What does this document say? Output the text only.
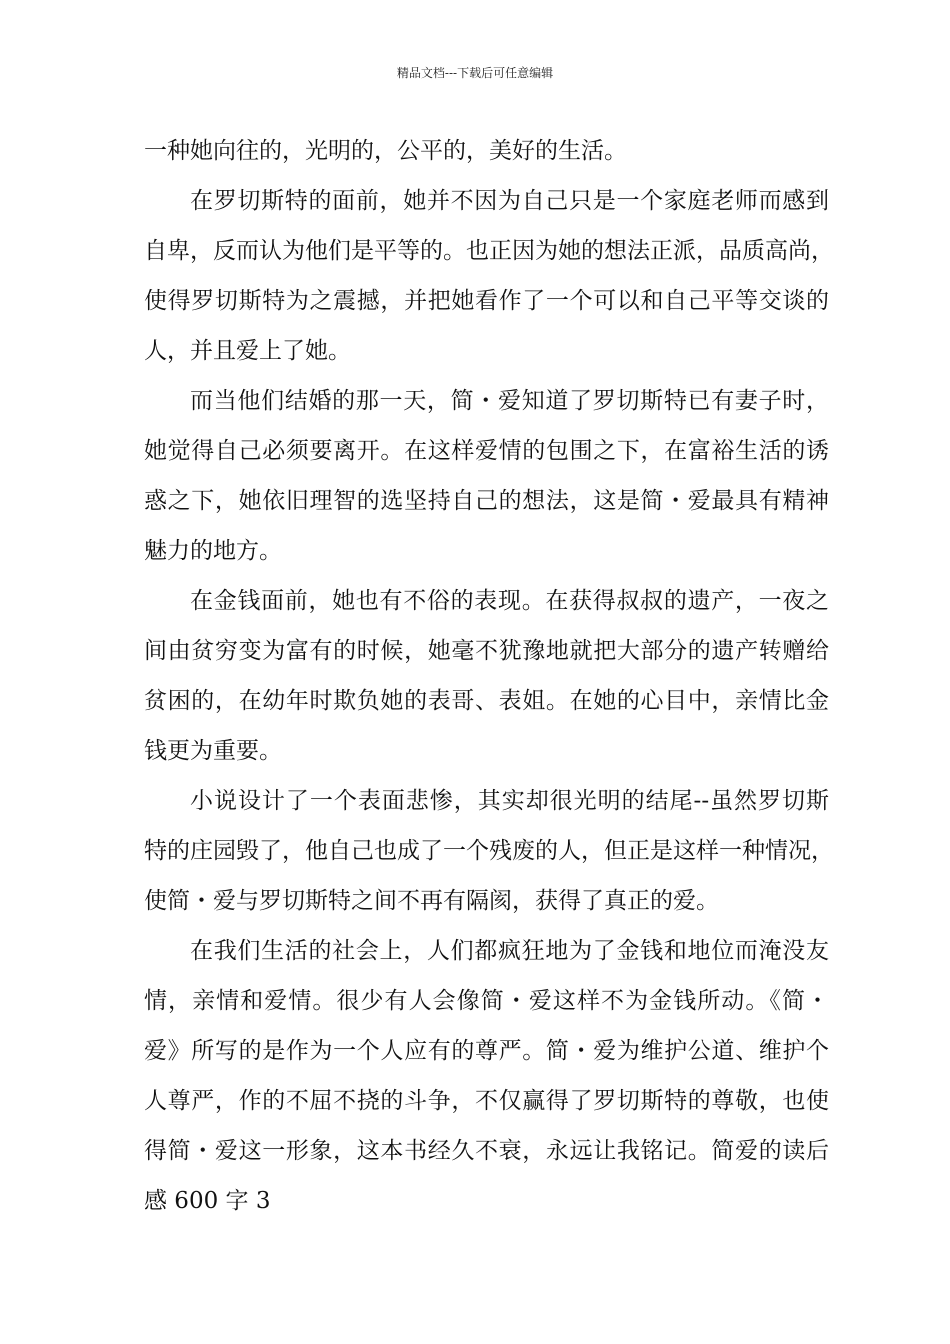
精品文档---下载后可任意编辑
一种她向往的，光明的，公平的，美好的生活。
在罗切斯特的面前，她并不因为自己只是一个家庭老师而感到
自卑，反而认为他们是平等的。也正因为她的想法正派，品质高尚，
使得罗切斯特为之震撼，并把她看作了一个可以和自己平等交谈的
人，并且爱上了她。
而当他们结婚的那一天，简・爱知道了罗切斯特已有妻子时，
她觉得自己必须要离开。在这样爱情的包围之下，在富裕生活的诱
惑之下，她依旧理智的选坚持自己的想法，这是简・爱最具有精神
魅力的地方。
在金钱面前，她也有不俗的表现。在获得叔叔的遗产，一夜之
间由贫穷变为富有的时候，她毫不犹豫地就把大部分的遗产转赠给
贫困的，在幼年时欺负她的表哥、表姐。在她的心目中，亲情比金
钱更为重要。
小说设计了一个表面悲惨，其实却很光明的结尾--虽然罗切斯
特的庄园毁了，他自己也成了一个残废的人，但正是这样一种情况，
使简・爱与罗切斯特之间不再有隔阂，获得了真正的爱。
在我们生活的社会上，人们都疯狂地为了金钱和地位而淹没友
情，亲情和爱情。很少有人会像简・爱这样不为金钱所动。《简・
爱》所写的是作为一个人应有的尊严。简・爱为维护公道、维护个
人尊严，作的不屈不挠的斗争，不仅赢得了罗切斯特的尊敬，也使
得简・爱这一形象，这本书经久不衰，永远让我铭记。简爱的读后
感 600 字 3
